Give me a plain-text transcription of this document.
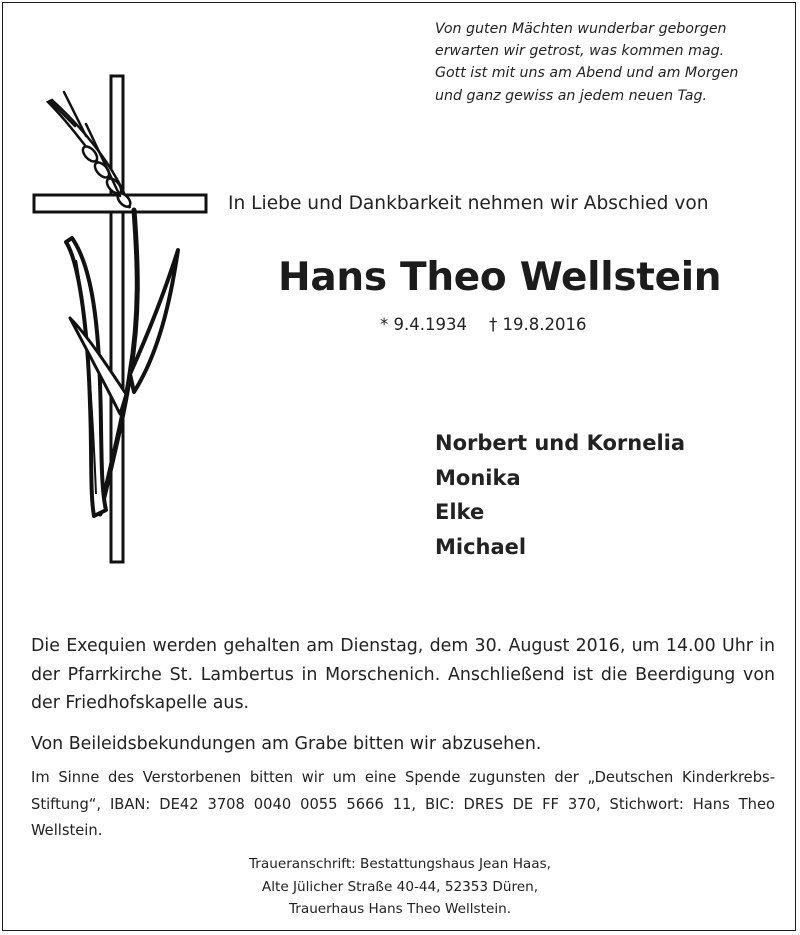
Von guten Mächten wunderbar geborgen
erwarten wir getrost, was kommen mag.
Gott ist mit uns am Abend und am Morgen
und ganz gewiss an jedem neuen Tag.
In Liebe und Dankbarkeit nehmen wir Abschied von
Hans Theo Wellstein
* 9.4.1934 † 19.8.2016
Norbert und Kornelia
Monika
Elke
Michael
Die Exequien werden gehalten am Dienstag, dem 30. August 2016, um 14.00 Uhr in der Pfarrkirche St. Lambertus in Morschenich. Anschließend ist die Beerdigung von der Friedhofskapelle aus.
Von Beileidsbekundungen am Grabe bitten wir abzusehen.
Im Sinne des Verstorbenen bitten wir um eine Spende zugunsten der „Deutschen Kinderkrebs-Stiftung“, IBAN: DE42 3708 0040 0055 5666 11, BIC: DRES DE FF 370, Stichwort: Hans Theo Wellstein.
Traueranschrift: Bestattungshaus Jean Haas,
Alte Jülicher Straße 40-44, 52353 Düren,
Trauerhaus Hans Theo Wellstein.
